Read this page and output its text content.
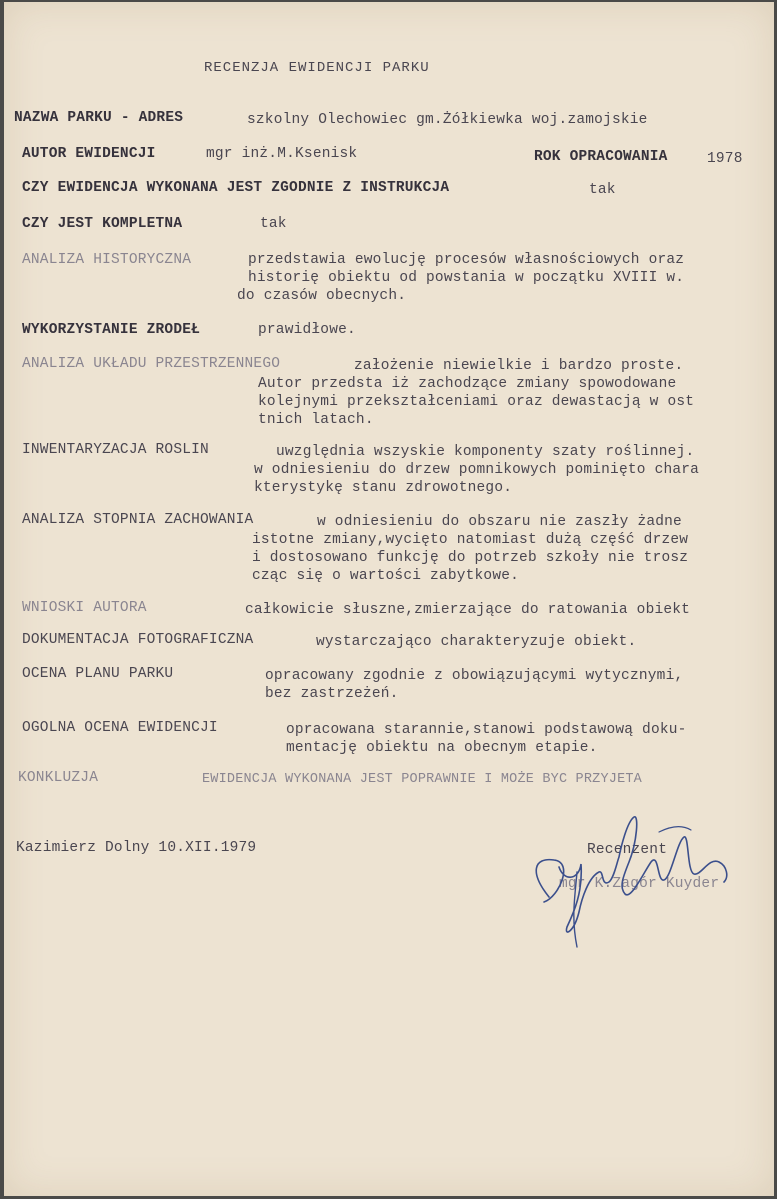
RECENZJA EWIDENCJI PARKU

NAZWA PARKU - ADRES	szkolny Olechowiec gm.Żółkiewka woj.zamojskie

AUTOR EWIDENCJI	mgr inż.M.Ksenisk	ROK OPRACOWANIA	1978

CZY EWIDENCJA WYKONANA JEST ZGODNIE Z INSTRUKCJA	tak

CZY JEST KOMPLETNA	tak

ANALIZA HISTORYCZNA	przedstawia ewolucję procesów własnościowych oraz

historię obiektu od powstania w początku XVIII w.

do czasów obecnych.

WYKORZYSTANIE ZRODEŁ	prawidłowe.

ANALIZA UKŁADU PRZESTRZENNEGO	założenie niewielkie i bardzo proste.

Autor przedsta iż zachodzące zmiany spowodowane

kolejnymi przekształceniami oraz dewastacją w ost

tnich latach.

INWENTARYZACJA ROSLIN	uwzględnia wszyskie komponenty szaty roślinnej.

w odniesieniu do drzew pomnikowych pominięto chara

kterystykę stanu zdrowotnego.

ANALIZA STOPNIA ZACHOWANIA	w odniesieniu do obszaru nie zaszły żadne

istotne zmiany,wycięto natomiast dużą część drzew

i dostosowano funkcję do potrzeb szkoły nie trosz

cząc się o wartości zabytkowe.

WNIOSKI AUTORA	całkowicie słuszne,zmierzające do ratowania obiekt

DOKUMENTACJA FOTOGRAFICZNA	wystarczająco charakteryzuje obiekt.

OCENA PLANU PARKU	opracowany zgodnie z obowiązującymi wytycznymi,

bez zastrzeżeń.

OGOLNA OCENA EWIDENCJI	opracowana starannie,stanowi podstawową doku-

mentację obiektu na obecnym etapie.

KONKLUZJA	EWIDENCJA WYKONANA JEST POPRAWNIE I MOŻE BYC PRZYJETA

Kazimierz Dolny 10.XII.1979	Recenzent

mgr K.Zagór Kuyder
